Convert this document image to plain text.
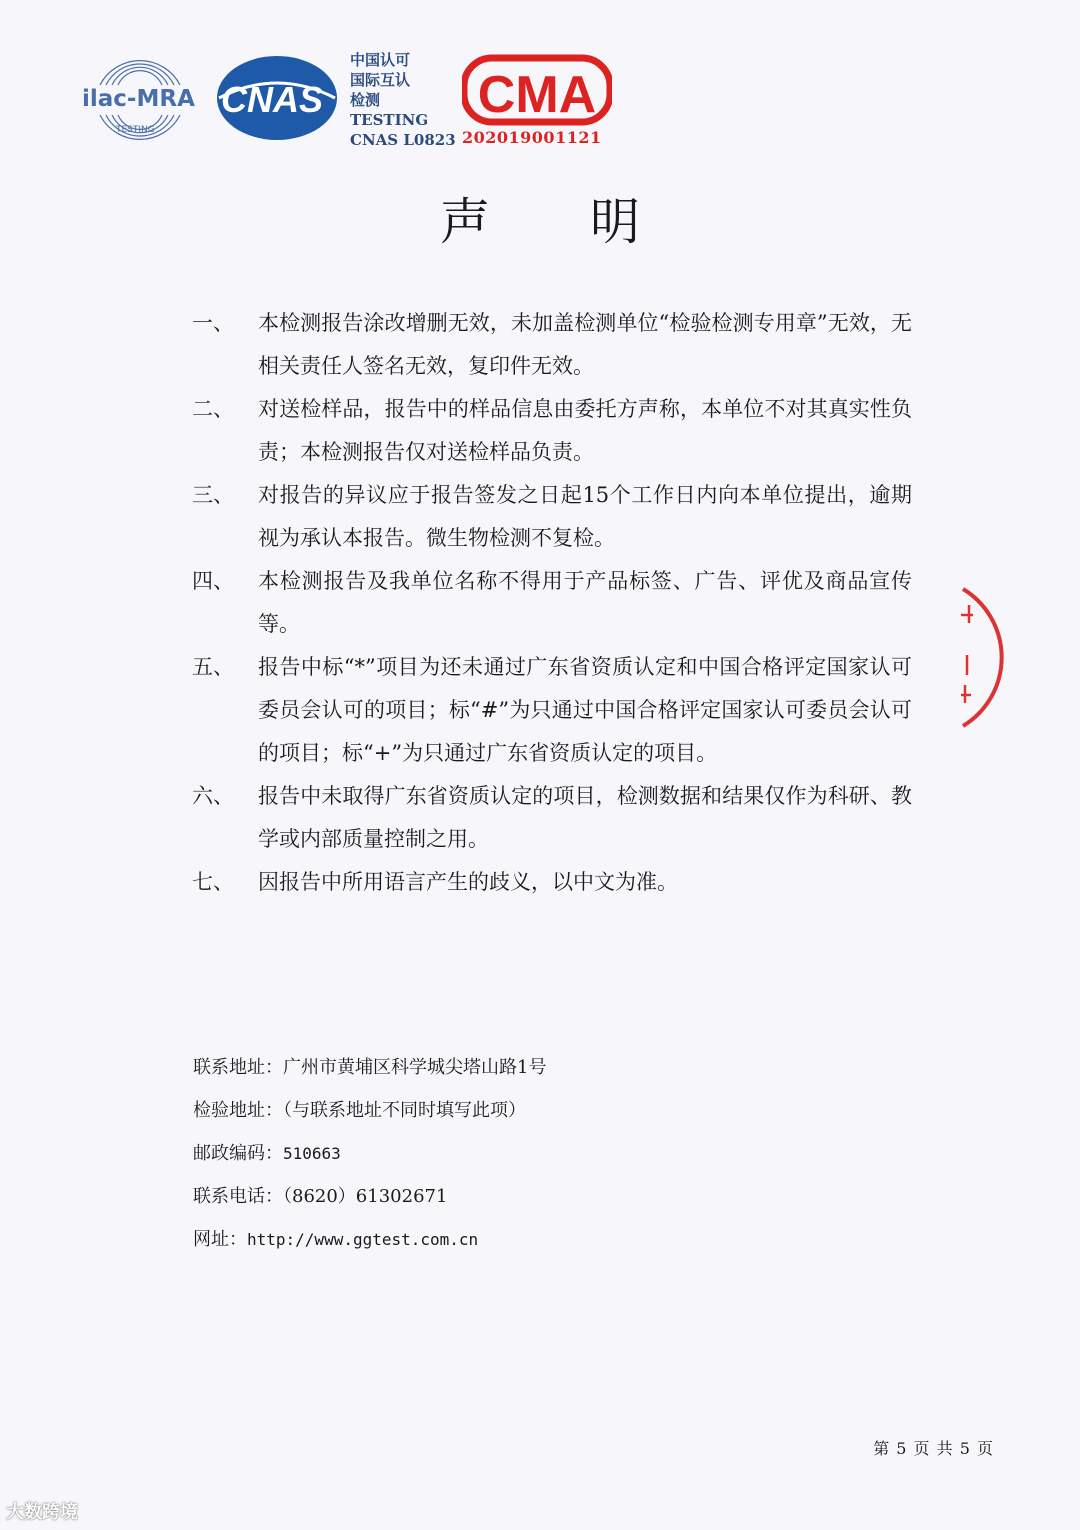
ilac-MRA
TESTING
CNAS
中国认可
国际互认
检测
TESTING
CNAS L0823
CMA
202019001121
声明
一、	本检测报告涂改增删无效，未加盖检测单位“检验检测专用章”无效，无相关责任人签名无效，复印件无效。
二、	对送检样品，报告中的样品信息由委托方声称，本单位不对其真实性负责；本检测报告仅对送检样品负责。
三、	对报告的异议应于报告签发之日起15个工作日内向本单位提出，逾期视为承认本报告。微生物检测不复检。
四、	本检测报告及我单位名称不得用于产品标签、广告、评优及商品宣传等。
五、	报告中标“*”项目为还未通过广东省资质认定和中国合格评定国家认可委员会认可的项目；标“#”为只通过中国合格评定国家认可委员会认可的项目；标“+”为只通过广东省资质认定的项目。
六、	报告中未取得广东省资质认定的项目，检测数据和结果仅作为科研、教学或内部质量控制之用。
七、	因报告中所用语言产生的歧义，以中文为准。
联系地址：广州市黄埔区科学城尖塔山路1号
检验地址：（与联系地址不同时填写此项）
邮政编码：510663
联系电话：（8620）61302671
网址：http://www.ggtest.com.cn
第 5 页 共 5 页
大数跨境
